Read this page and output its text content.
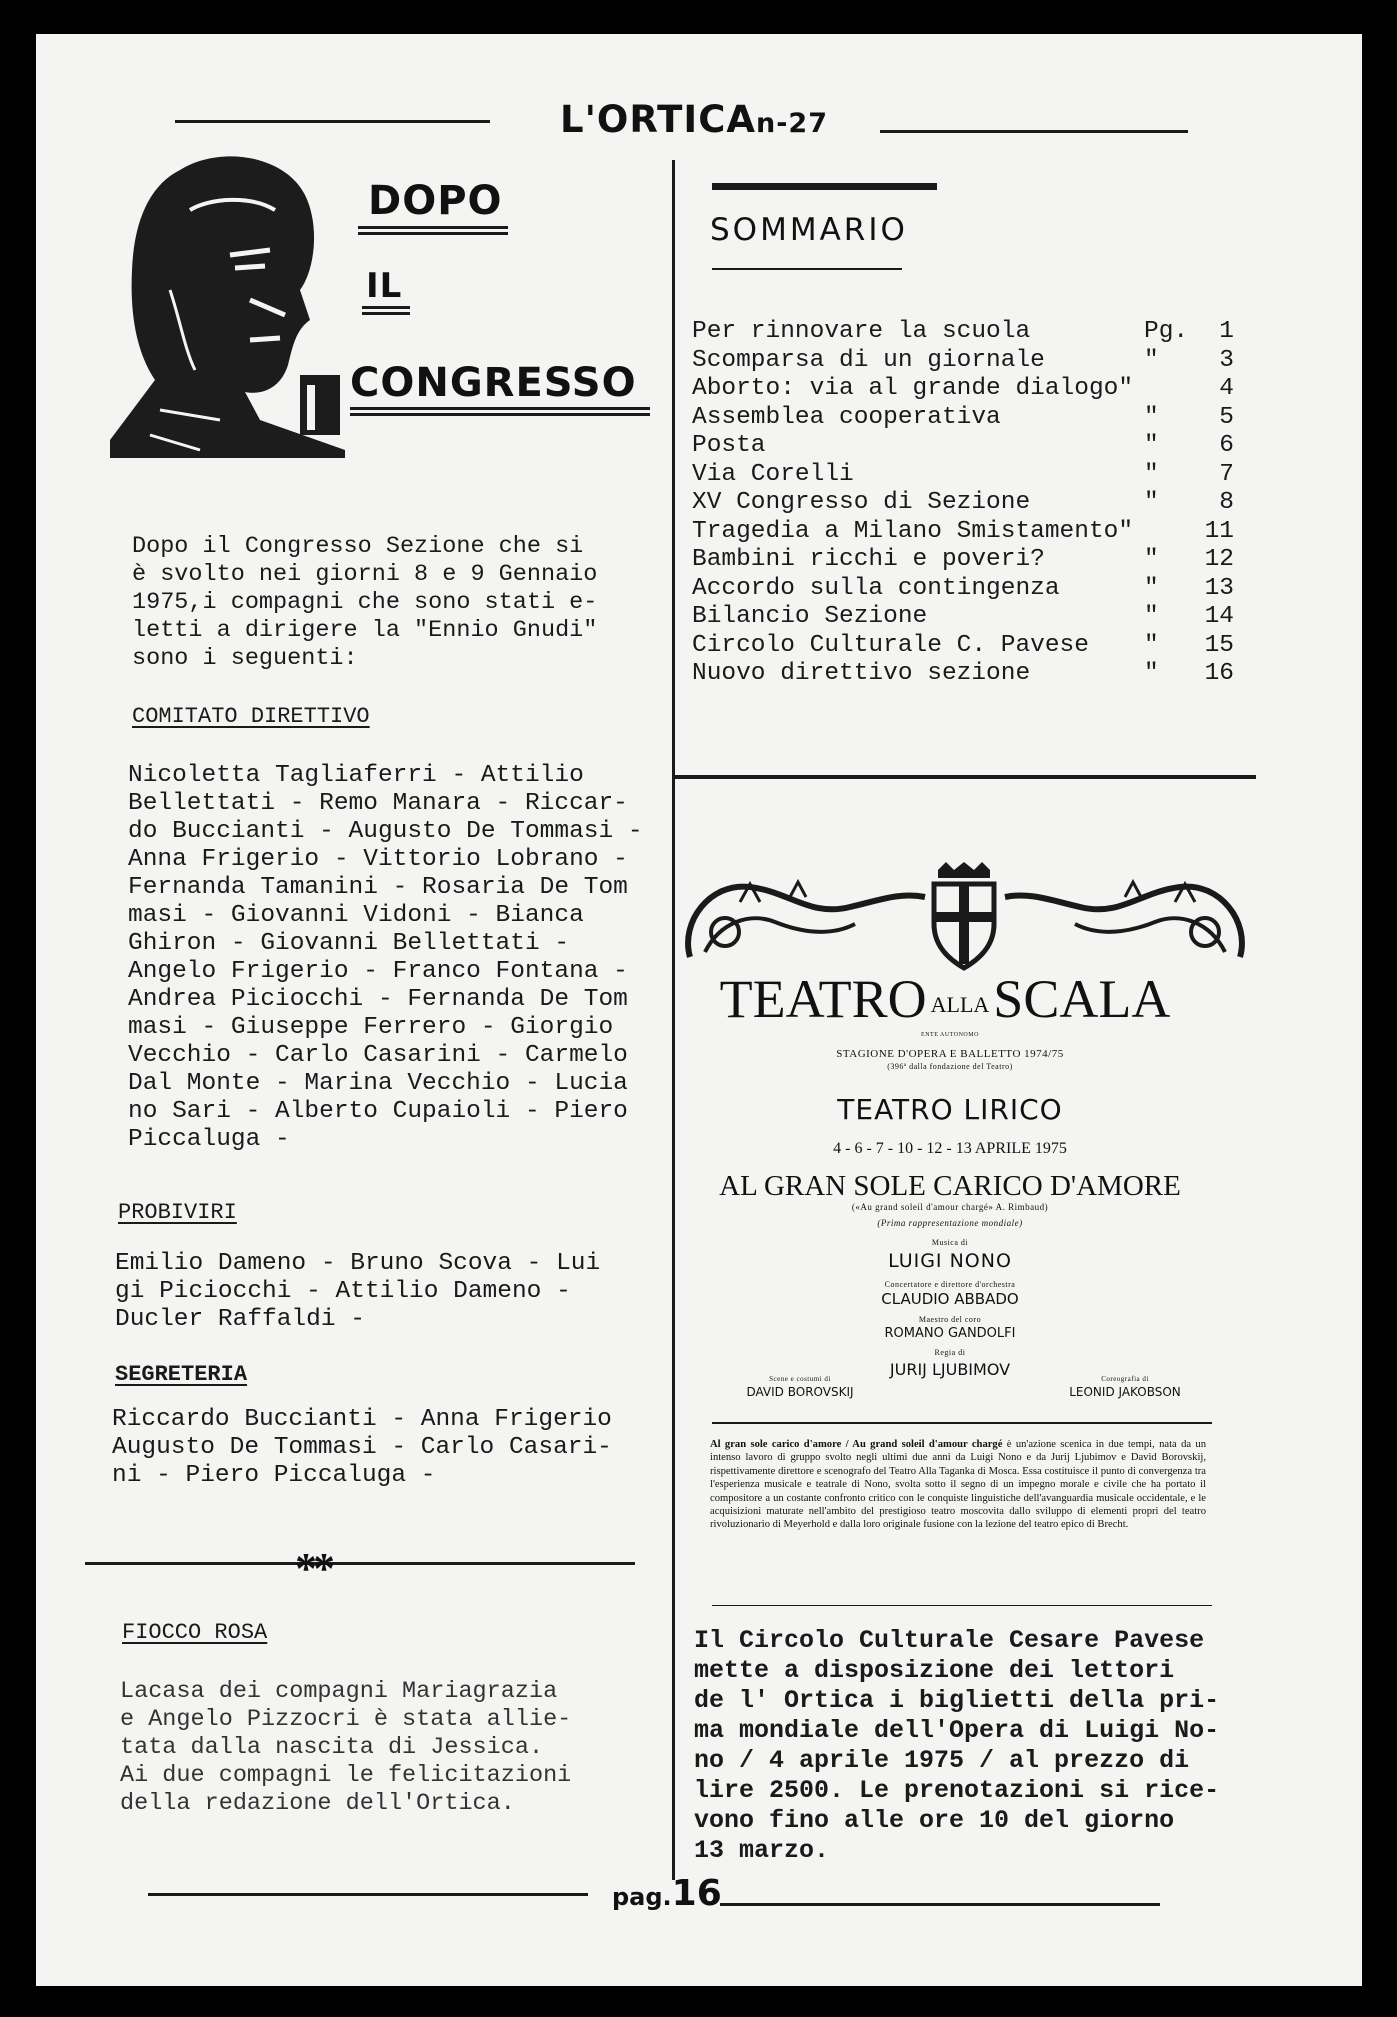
L'ORTICAn-27
DOPO
IL
CONGRESSO
Dopo il Congresso Sezione che si
è svolto nei giorni 8 e 9 Gennaio
1975,i compagni che sono stati e-
letti a dirigere la "Ennio Gnudi"
sono i seguenti:
COMITATO DIRETTIVO
Nicoletta Tagliaferri - Attilio
Bellettati - Remo Manara - Riccar-
do Buccianti - Augusto De Tommasi -
Anna Frigerio - Vittorio Lobrano -
Fernanda Tamanini - Rosaria De Tom
masi - Giovanni Vidoni - Bianca
Ghiron - Giovanni Bellettati -
Angelo Frigerio - Franco Fontana -
Andrea Piciocchi - Fernanda De Tom
masi - Giuseppe Ferrero - Giorgio
Vecchio - Carlo Casarini - Carmelo
Dal Monte - Marina Vecchio - Lucia
no Sari - Alberto Cupaioli - Piero
Piccaluga -
PROBIVIRI
Emilio Dameno - Bruno Scova - Lui
gi Piciocchi - Attilio Dameno -
Ducler Raffaldi -
SEGRETERIA
Riccardo Buccianti - Anna Frigerio
Augusto De Tommasi - Carlo Casari-
ni - Piero Piccaluga -
**
FIOCCO ROSA
Lacasa dei compagni Mariagrazia
e Angelo Pizzocri è stata allie-
tata dalla nascita di Jessica.
Ai due compagni le felicitazioni
della redazione dell'Ortica.
SOMMARIO
Per rinnovare la scuola	Pg.	1
Scomparsa di un giornale	"	3
Aborto: via al grande dialogo"	4
Assemblea cooperativa	"	5
Posta	"	6
Via Corelli	"	7
XV Congresso di Sezione	"	8
Tragedia a Milano Smistamento"	11
Bambini ricchi e poveri?	"	12
Accordo sulla contingenza	"	13
Bilancio Sezione	"	14
Circolo Culturale C. Pavese "	15
Nuovo direttivo sezione	"	16
TEATRO ALLASCALA
ENTE AUTONOMO
STAGIONE D'OPERA E BALLETTO 1974/75
(396ª dalla fondazione del Teatro)
TEATRO LIRICO
4 - 6 - 7 - 10 - 12 - 13 APRILE 1975
AL GRAN SOLE CARICO D'AMORE
(«Au grand soleil d'amour chargé» A. Rimbaud)
(Prima rappresentazione mondiale)
Musica di
LUIGI NONO
Concertatore e direttore d'orchestra
CLAUDIO ABBADO
Maestro del coro
ROMANO GANDOLFI
Regia di
JURIJ LJUBIMOV
Scene e costumi di
DAVID BOROVSKIJ
Coreografia di
LEONID JAKOBSON
Al gran sole carico d'amore / Au grand soleil d'amour chargé è un'azione scenica in due tempi, nata da un intenso lavoro di gruppo svolto negli ultimi due anni da Luigi Nono e da Jurij Ljubimov e David Borovskij, rispettivamente direttore e scenografo del Teatro Alla Taganka di Mosca. Essa costituisce il punto di convergenza tra l'esperienza musicale e teatrale di Nono, svolta sotto il segno di un impegno morale e civile che ha portato il compositore a un costante confronto critico con le conquiste linguistiche dell'avanguardia musicale occidentale, e le acquisizioni maturate nell'ambito del prestigioso teatro moscovita dallo sviluppo di elementi propri del teatro rivoluzionario di Meyerhold e dalla loro originale fusione con la lezione del teatro epico di Brecht.
Il Circolo Culturale Cesare Pavese
mette a disposizione dei lettori
de l' Ortica i biglietti della pri-
ma mondiale dell'Opera di Luigi No-
no / 4 aprile 1975 / al prezzo di
lire 2500. Le prenotazioni si rice-
vono fino alle ore 10 del giorno
13 marzo.
pag.16
